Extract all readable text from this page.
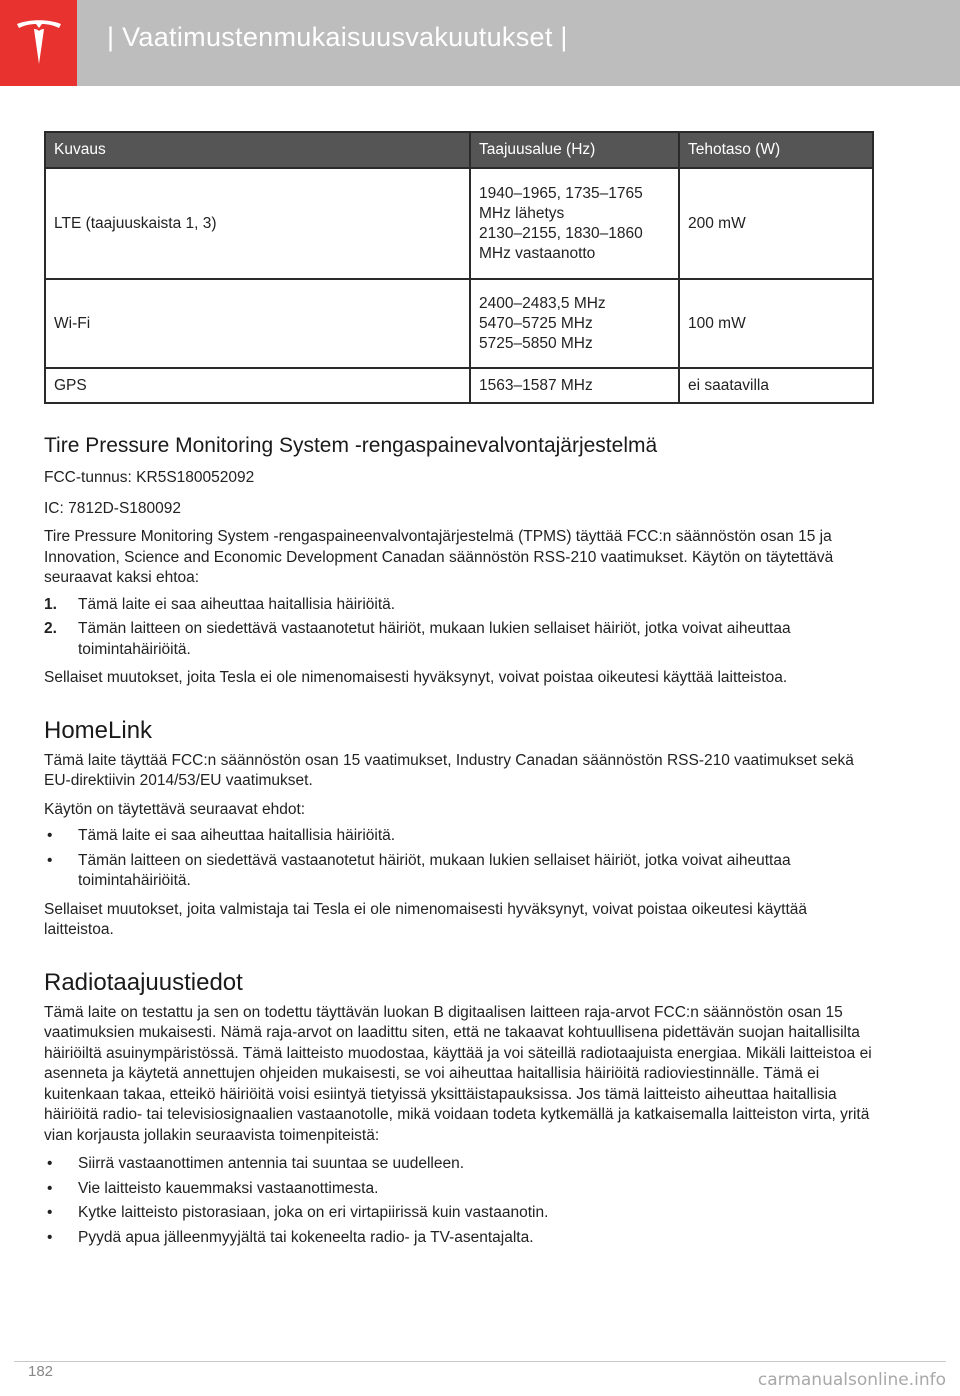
| Vaatimustenmukaisuusvakuutukset |
Kuvaus	Taajuusalue (Hz)	Tehotaso (W)
LTE (taajuuskaista 1, 3)	1940–1965, 1735–1765
MHz lähetys
2130–2155, 1830–1860
MHz vastaanotto	200 mW
Wi-Fi	2400–2483,5 MHz
5470–5725 MHz
5725–5850 MHz	100 mW
GPS	1563–1587 MHz	ei saatavilla
Tire Pressure Monitoring System -rengaspainevalvontajärjestelmä

FCC-tunnus: KR5S180052092

IC: 7812D-S180092

Tire Pressure Monitoring System -rengaspaineenvalvontajärjestelmä (TPMS) täyttää FCC:n säännöstön osan 15 ja Innovation, Science and Economic Development Canadan säännöstön RSS-210 vaatimukset. Käytön on täytettävä seuraavat kaksi ehtoa:

1. Tämä laite ei saa aiheuttaa haitallisia häiriöitä.
2. Tämän laitteen on siedettävä vastaanotetut häiriöt, mukaan lukien sellaiset häiriöt, jotka voivat aiheuttaa toimintahäiriöitä.

Sellaiset muutokset, joita Tesla ei ole nimenomaisesti hyväksynyt, voivat poistaa oikeutesi käyttää laitteistoa.

HomeLink

Tämä laite täyttää FCC:n säännöstön osan 15 vaatimukset, Industry Canadan säännöstön RSS-210 vaatimukset sekä EU-direktiivin 2014/53/EU vaatimukset.

Käytön on täytettävä seuraavat ehdot:

• Tämä laite ei saa aiheuttaa haitallisia häiriöitä.
• Tämän laitteen on siedettävä vastaanotetut häiriöt, mukaan lukien sellaiset häiriöt, jotka voivat aiheuttaa toimintahäiriöitä.

Sellaiset muutokset, joita valmistaja tai Tesla ei ole nimenomaisesti hyväksynyt, voivat poistaa oikeutesi käyttää laitteistoa.

Radiotaajuustiedot

Tämä laite on testattu ja sen on todettu täyttävän luokan B digitaalisen laitteen raja-arvot FCC:n säännöstön osan 15 vaatimuksien mukaisesti. Nämä raja-arvot on laadittu siten, että ne takaavat kohtuullisena pidettävän suojan haitallisilta häiriöiltä asuinympäristössä. Tämä laitteisto muodostaa, käyttää ja voi säteillä radiotaajuista energiaa. Mikäli laitteistoa ei asenneta ja käytetä annettujen ohjeiden mukaisesti, se voi aiheuttaa haitallisia häiriöitä radioviestinnälle. Tämä ei kuitenkaan takaa, etteikö häiriöitä voisi esiintyä tietyissä yksittäistapauksissa. Jos tämä laitteisto aiheuttaa haitallisia häiriöitä radio- tai televisiosignaalien vastaanotolle, mikä voidaan todeta kytkemällä ja katkaisemalla laitteiston virta, yritä vian korjausta jollakin seuraavista toimenpiteistä:

• Siirrä vastaanottimen antennia tai suuntaa se uudelleen.
• Vie laitteisto kauemmaksi vastaanottimesta.
• Kytke laitteisto pistorasiaan, joka on eri virtapiirissä kuin vastaanotin.
• Pyydä apua jälleenmyyjältä tai kokeneelta radio- ja TV-asentajalta.
182	carmanualsonline.info
